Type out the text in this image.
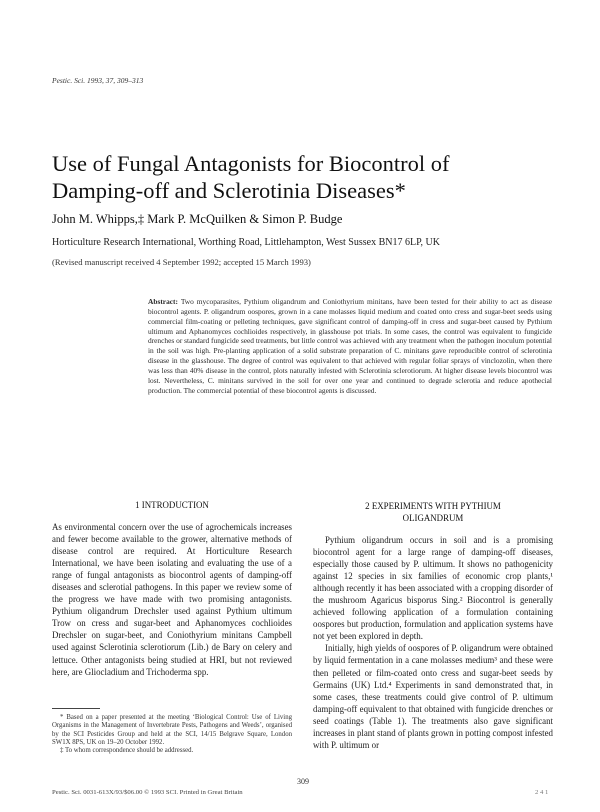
Pestic. Sci. 1993, 37, 309–313
Use of Fungal Antagonists for Biocontrol of
Damping-off and Sclerotinia Diseases*
John M. Whipps,‡ Mark P. McQuilken & Simon P. Budge
Horticulture Research International, Worthing Road, Littlehampton, West Sussex BN17 6LP, UK
(Revised manuscript received 4 September 1992; accepted 15 March 1993)
Abstract: Two mycoparasites, Pythium oligandrum and Coniothyrium minitans, have been tested for their ability to act as disease biocontrol agents. P. oligandrum oospores, grown in a cane molasses liquid medium and coated onto cress and sugar-beet seeds using commercial film-coating or pelleting techniques, gave significant control of damping-off in cress and sugar-beet caused by Pythium ultimum and Aphanomyces cochlioides respectively, in glasshouse pot trials. In some cases, the control was equivalent to fungicide drenches or standard fungicide seed treatments, but little control was achieved with any treatment when the pathogen inoculum potential in the soil was high. Pre-planting application of a solid substrate preparation of C. minitans gave reproducible control of sclerotinia disease in the glasshouse. The degree of control was equivalent to that achieved with regular foliar sprays of vinclozolin, when there was less than 40% disease in the control, plots naturally infested with Sclerotinia sclerotiorum. At higher disease levels biocontrol was lost. Nevertheless, C. minitans survived in the soil for over one year and continued to degrade sclerotia and reduce apothecial production. The commercial potential of these biocontrol agents is discussed.
1 INTRODUCTION
As environmental concern over the use of agrochemicals increases and fewer become available to the grower, alternative methods of disease control are required. At Horticulture Research International, we have been isolating and evaluating the use of a range of fungal antagonists as biocontrol agents of damping-off diseases and sclerotial pathogens. In this paper we review some of the progress we have made with two promising antagonists. Pythium oligandrum Drechsler used against Pythium ultimum Trow on cress and sugar-beet and Aphanomyces cochlioides Drechsler on sugar-beet, and Coniothyrium minitans Campbell used against Sclerotinia sclerotiorum (Lib.) de Bary on celery and lettuce. Other antagonists being studied at HRI, but not reviewed here, are Gliocladium and Trichoderma spp.
2 EXPERIMENTS WITH PYTHIUM
OLIGANDRUM
Pythium oligandrum occurs in soil and is a promising biocontrol agent for a large range of damping-off diseases, especially those caused by P. ultimum. It shows no pathogenicity against 12 species in six families of economic crop plants,¹ although recently it has been associated with a cropping disorder of the mushroom Agaricus bisporus Sing.² Biocontrol is generally achieved following application of a formulation containing oospores but production, formulation and application systems have not yet been explored in depth.
Initially, high yields of oospores of P. oligandrum were obtained by liquid fermentation in a cane molasses medium³ and these were then pelleted or film-coated onto cress and sugar-beet seeds by Germains (UK) Ltd.⁴ Experiments in sand demonstrated that, in some cases, these treatments could give control of P. ultimum damping-off equivalent to that obtained with fungicide drenches or seed coatings (Table 1). The treatments also gave significant increases in plant stand of plants grown in potting compost infested with P. ultimum or
* Based on a paper presented at the meeting ‘Biological Control: Use of Living Organisms in the Management of Invertebrate Pests, Pathogens and Weeds’, organised by the SCI Pesticides Group and held at the SCI, 14/15 Belgrave Square, London SW1X 8PS, UK on 19–20 October 1992.
‡ To whom correspondence should be addressed.
309
Pestic. Sci. 0031-613X/93/$06.00 © 1993 SCI. Printed in Great Britain	2 4 1
